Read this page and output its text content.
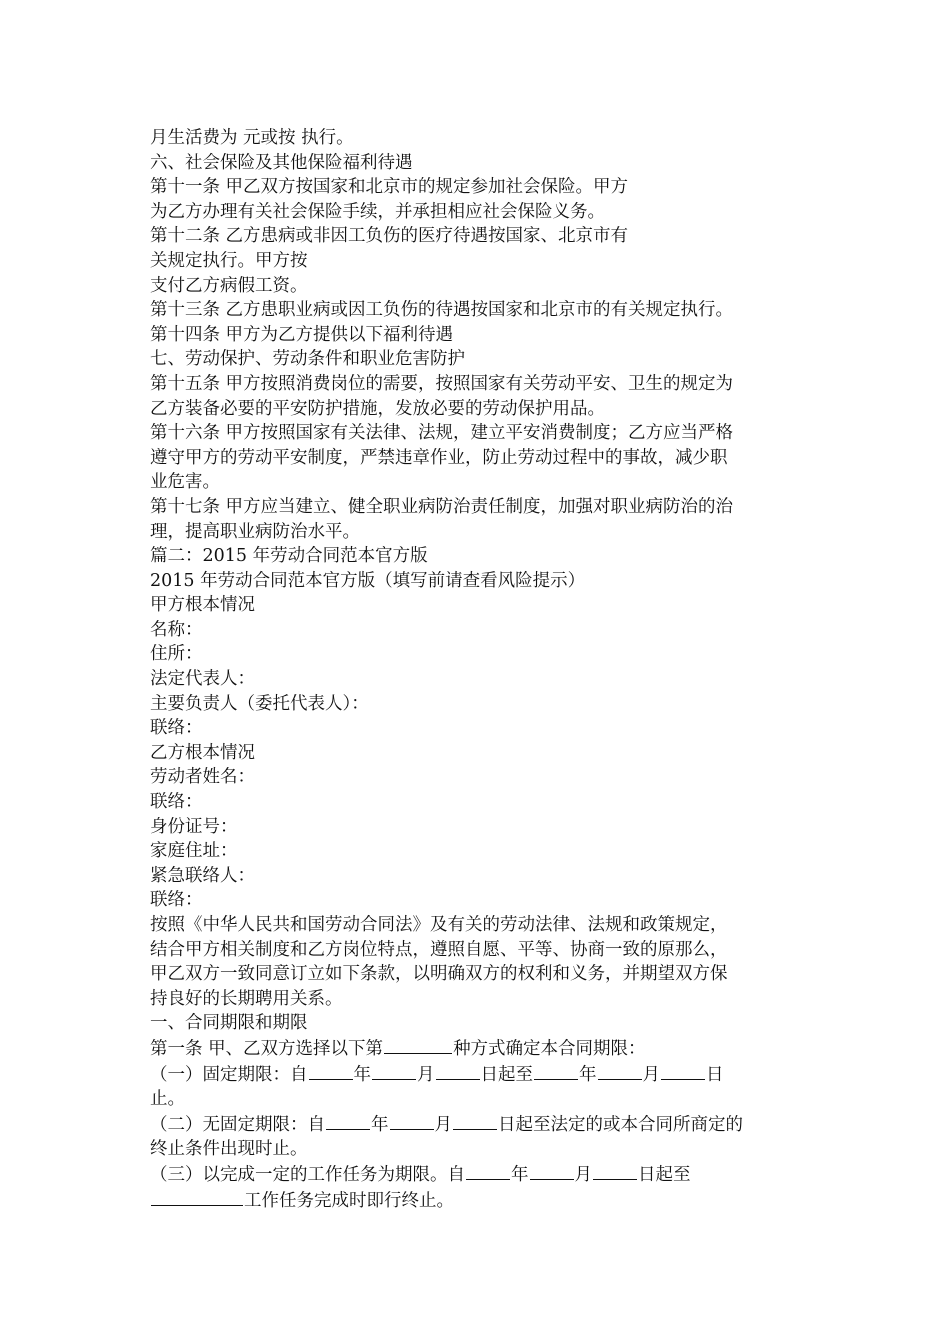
月生活费为 元或按 执行。
六、社会保险及其他保险福利待遇
第十一条 甲乙双方按国家和北京市的规定参加社会保险。甲方
为乙方办理有关社会保险手续，并承担相应社会保险义务。
第十二条 乙方患病或非因工负伤的医疗待遇按国家、北京市有
关规定执行。甲方按
支付乙方病假工资。
第十三条 乙方患职业病或因工负伤的待遇按国家和北京市的有关规定执行。
第十四条 甲方为乙方提供以下福利待遇
七、劳动保护、劳动条件和职业危害防护
第十五条 甲方按照消费岗位的需要，按照国家有关劳动平安、卫生的规定为
乙方装备必要的平安防护措施，发放必要的劳动保护用品。
第十六条 甲方按照国家有关法律、法规，建立平安消费制度；乙方应当严格
遵守甲方的劳动平安制度，严禁违章作业，防止劳动过程中的事故，减少职
业危害。
第十七条 甲方应当建立、健全职业病防治责任制度，加强对职业病防治的治
理，提高职业病防治水平。
篇二：2015 年劳动合同范本官方版
2015 年劳动合同范本官方版（填写前请查看风险提示）
甲方根本情况
名称：
住所：
法定代表人：
主要负责人（委托代表人）：
联络：
乙方根本情况
劳动者姓名：
联络：
身份证号：
家庭住址：
紧急联络人：
联络：
按照《中华人民共和国劳动合同法》及有关的劳动法律、法规和政策规定，
结合甲方相关制度和乙方岗位特点，遵照自愿、平等、协商一致的原那么，
甲乙双方一致同意订立如下条款，以明确双方的权利和义务，并期望双方保
持良好的长期聘用关系。
一、合同期限和期限
第一条 甲、乙双方选择以下第	种方式确定本合同期限：
（一）固定期限：自	年	月	日起至	年	月	日
止。
（二）无固定期限：自	年	月	日起至法定的或本合同所商定的
终止条件出现时止。
（三）以完成一定的工作任务为期限。自	年	月	日起至
工作任务完成时即行终止。
